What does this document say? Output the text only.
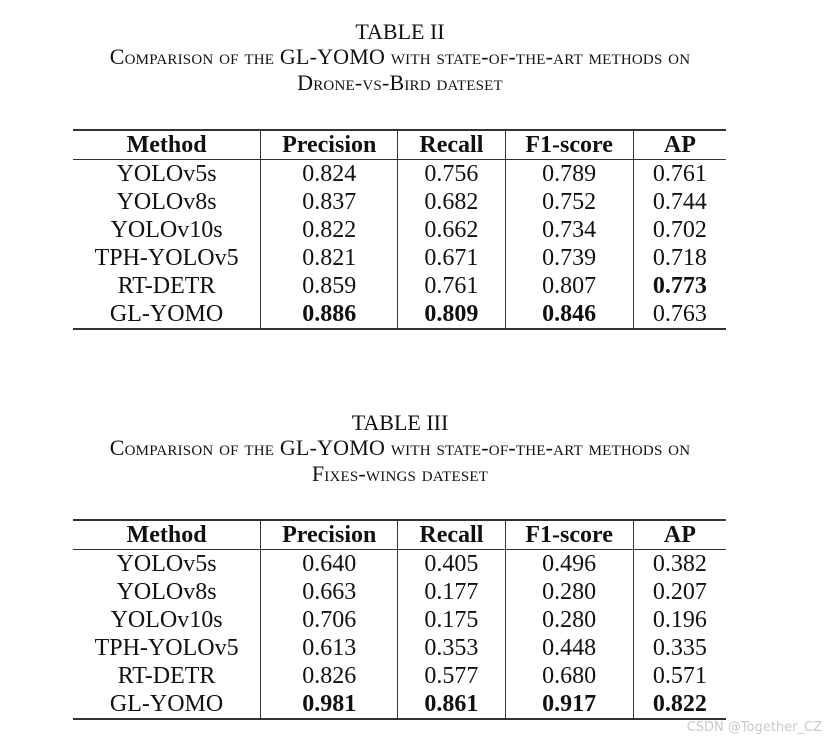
TABLE II
Comparison of the GL-YOMO with state-of-the-art methods on
Drone-vs-Bird dateset
Method	Precision	Recall	F1-score	AP
YOLOv5s	0.824	0.756	0.789	0.761
YOLOv8s	0.837	0.682	0.752	0.744
YOLOv10s	0.822	0.662	0.734	0.702
TPH-YOLOv5	0.821	0.671	0.739	0.718
RT-DETR	0.859	0.761	0.807	0.773
GL-YOMO	0.886	0.809	0.846	0.763
TABLE III
Comparison of the GL-YOMO with state-of-the-art methods on
Fixes-wings dateset
Method	Precision	Recall	F1-score	AP
YOLOv5s	0.640	0.405	0.496	0.382
YOLOv8s	0.663	0.177	0.280	0.207
YOLOv10s	0.706	0.175	0.280	0.196
TPH-YOLOv5	0.613	0.353	0.448	0.335
RT-DETR	0.826	0.577	0.680	0.571
GL-YOMO	0.981	0.861	0.917	0.822
CSDN @Together_CZ
